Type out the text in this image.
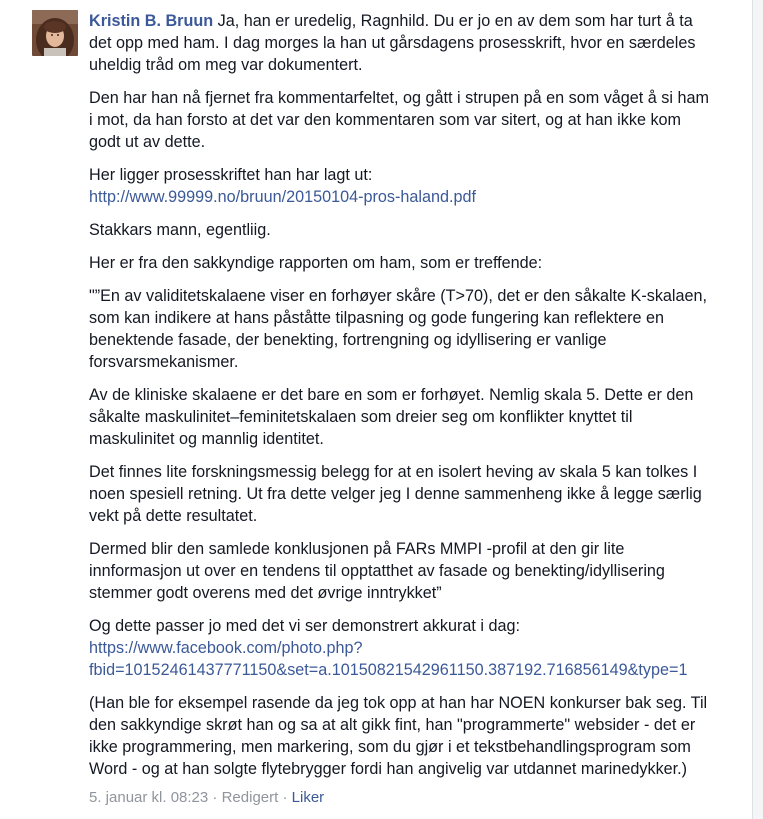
Kristin B. Bruun Ja, han er uredelig, Ragnhild. Du er jo en av dem som har turt å ta det opp med ham. I dag morges la han ut gårsdagens prosesskrift, hvor en særdeles uheldig tråd om meg var dokumentert.

Den har han nå fjernet fra kommentarfeltet, og gått i strupen på en som våget å si ham i mot, da han forsto at det var den kommentaren som var sitert, og at han ikke kom godt ut av dette.

Her ligger prosesskriftet han har lagt ut:
http://www.99999.no/bruun/20150104-pros-haland.pdf

Stakkars mann, egentliig.

Her er fra den sakkyndige rapporten om ham, som er treffende:

"”En av validitetskalaene viser en forhøyer skåre (T>70), det er den såkalte K-skalaen, som kan indikere at hans påståtte tilpasning og gode fungering kan reflektere en benektende fasade, der benekting, fortrengning og idyllisering er vanlige forsvarsmekanismer.

Av de kliniske skalaene er det bare en som er forhøyet. Nemlig skala 5. Dette er den såkalte maskulinitet–feminitetskalaen som dreier seg om konflikter knyttet til maskulinitet og mannlig identitet.

Det finnes lite forskningsmessig belegg for at en isolert heving av skala 5 kan tolkes I noen spesiell retning. Ut fra dette velger jeg I denne sammenheng ikke å legge særlig vekt på dette resultatet.

Dermed blir den samlede konklusjonen på FARs MMPI -profil at den gir lite innformasjon ut over en tendens til opptatthet av fasade og benekting/idyllisering stemmer godt overens med det øvrige inntrykket”

Og dette passer jo med det vi ser demonstrert akkurat i dag:
https://www.facebook.com/photo.php?
fbid=10152461437771150&set=a.10150821542961150.387192.716856149&type=1

(Han ble for eksempel rasende da jeg tok opp at han har NOEN konkurser bak seg. Til den sakkyndige skrøt han og sa at alt gikk fint, han "programmerte" websider - det er ikke programmering, men markering, som du gjør i et tekstbehandlingsprogram som Word - og at han solgte flytebrygger fordi han angivelig var utdannet marinedykker.)

5. januar kl. 08:23 · Redigert · Liker
